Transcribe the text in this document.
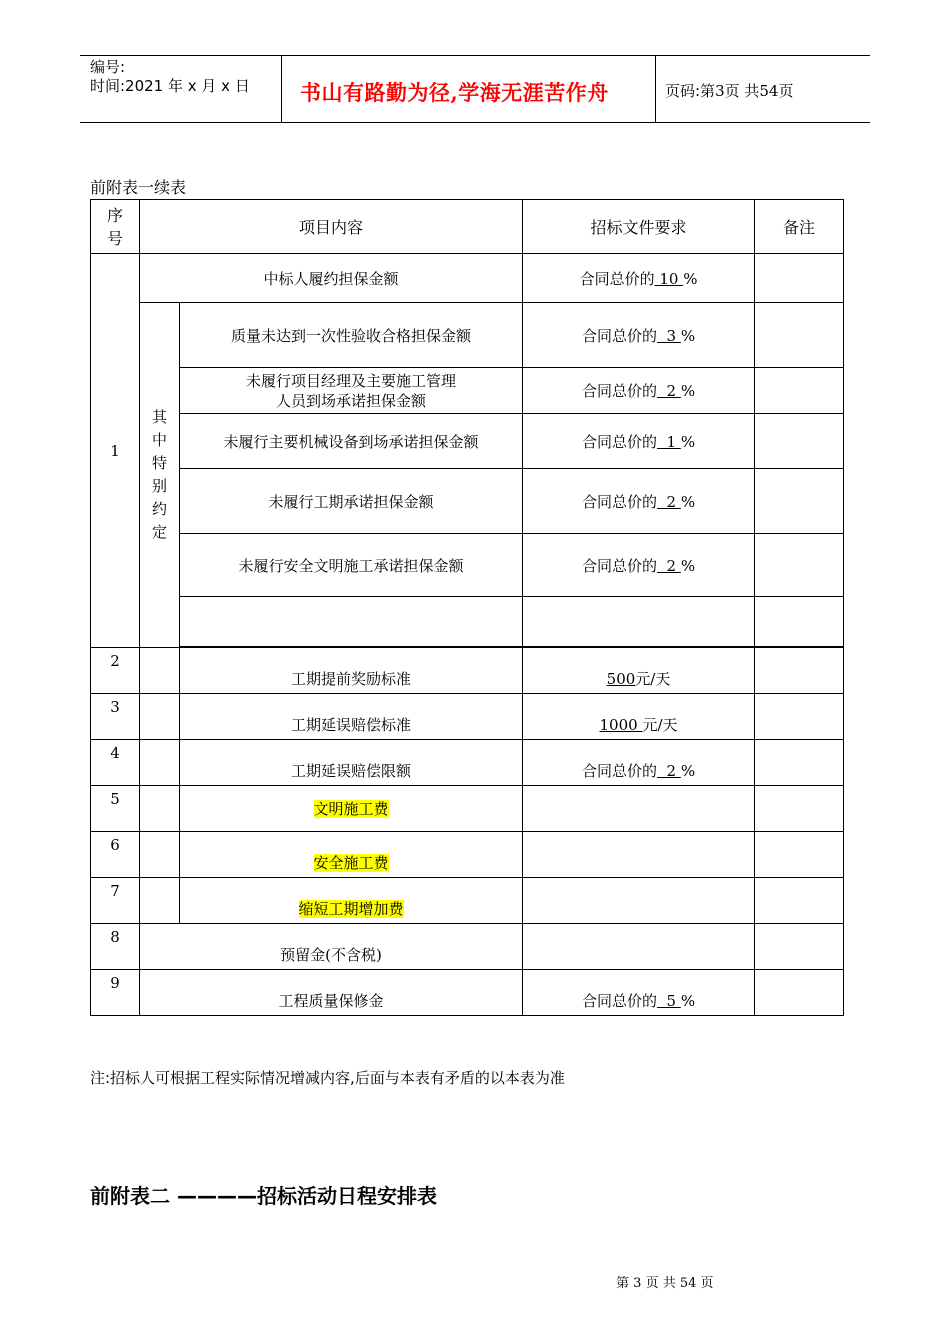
编号:
时间:2021 年 x 月 x 日 书山有路勤为径,学海无涯苦作舟	页码:第3页 共54页
前附表一续表
序号	项目内容		招标文件要求	备注
1	中标人履约担保金额		合同总价的 10 %	
	其中特别约定	质量未达到一次性验收合格担保金额	合同总价的  3 %	
		未履行项目经理及主要施工管理
人员到场承诺担保金额	合同总价的  2 %	
		未履行主要机械设备到场承诺担保金额	合同总价的  1 %	
		未履行工期承诺担保金额	合同总价的  2 %	
		未履行安全文明施工承诺担保金额	合同总价的  2 %	

2		工期提前奖励标准	500元/天	
3		工期延误赔偿标准	1000 元/天	
4		工期延误赔偿限额	合同总价的  2 %	
5		文明施工费		
6		安全施工费		
7		缩短工期增加费		
8	预留金(不含税)			
9	工程质量保修金		合同总价的  5 %	
注:招标人可根据工程实际情况增减内容,后面与本表有矛盾的以本表为准
前附表二 ————招标活动日程安排表
第 3 页 共 54 页
